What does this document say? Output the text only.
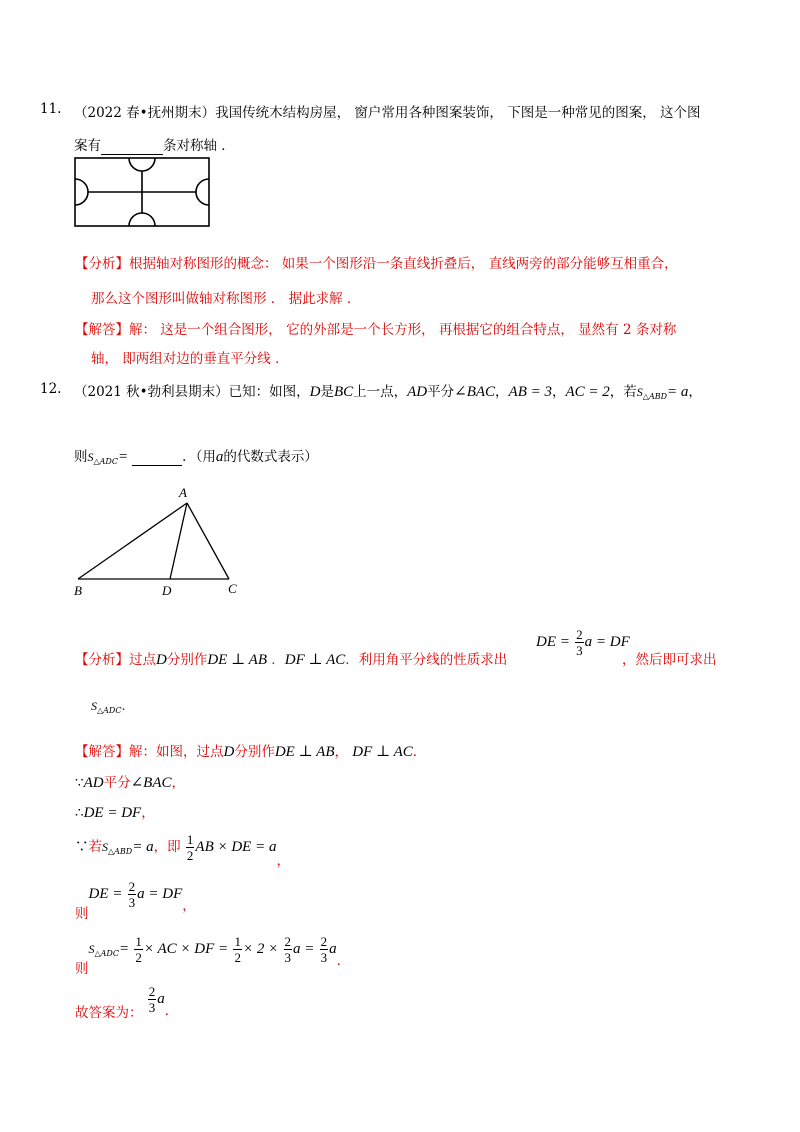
11. （2022 春•抚州期末）我国传统木结构房屋， 窗户常用各种图案装饰， 下图是一种常见的图案， 这个图
案有	条对称轴 ．
【分析】根据轴对称图形的概念： 如果一个图形沿一条直线折叠后， 直线两旁的部分能够互相重合，
那么这个图形叫做轴对称图形 ． 据此求解 ．
【解答】解： 这是一个组合图形， 它的外部是一个长方形， 再根据它的组合特点， 显然有 2 条对称
轴， 即两组对边的垂直平分线 ．
12. （2021 秋•勃利县期末）已知：如图，D是BC上一点，AD平分∠BAC，AB = 3，AC = 2，若$S_{\triangle ABD}= a$，
则$S_{\triangle ADC}=$	．（用a的代数式表示）
A
B	D	C
【分析】过点D分别作DE ⊥ AB ．DF ⊥ AC．利用角平分线的性质求出
DE = $\frac{2}{3}$ a = DF
，然后即可求出
$S_{\triangle ADC}$．
【解答】解：如图，过点D分别作DE ⊥ AB， DF ⊥ AC．
∵AD平分∠BAC，
∴DE = DF，
∵若$S_{\triangle ABD}= a$，即 $\frac{1}{2}$ AB × DE = a，
则DE = $\frac{2}{3}$ a = DF，
则$S_{\triangle ADC}= \frac{1}{2}$ × AC × DF = $\frac{1}{2} \times 2 \times \frac{2}{3}$ $a = \frac{2}{3}$ a．
故答案为： $\frac{2}{3}$ a．
